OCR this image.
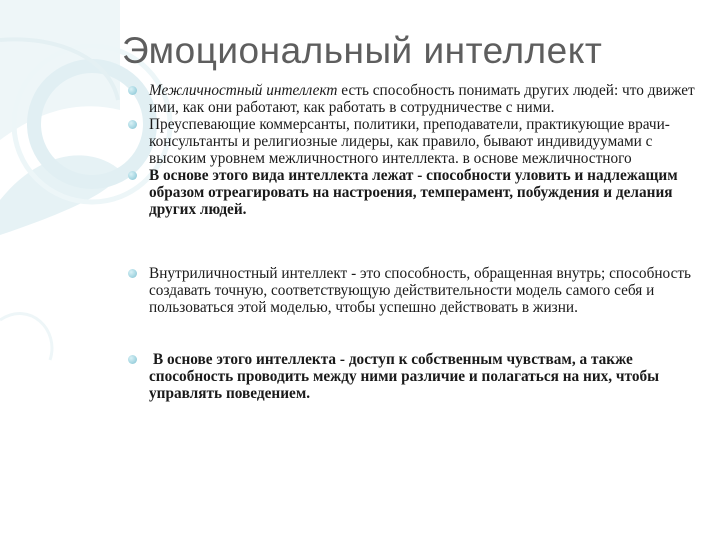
Эмоциональный интеллект
Межличностный интеллект есть способность понимать других людей: что движет ими, как они работают, как работать в сотрудничестве с ними.
Преуспевающие коммерсанты, политики, преподаватели, практикующие врачи-консультанты и религиозные лидеры, как правило, бывают индивидуумами с высоким уровнем межличностного интеллекта. в основе межличностного
В основе этого вида интеллекта лежат - способности уловить и надлежащим образом отреагировать на настроения, темперамент, побуждения и делания других людей.
Внутриличностный интеллект - это способность, обращенная внутрь; способность создавать точную, соответствующую действительности модель самого себя и пользоваться этой моделью, чтобы успешно действовать в жизни.
В основе этого интеллекта - доступ к собственным чувствам, а также способность проводить между ними различие и полагаться на них, чтобы управлять поведением.
